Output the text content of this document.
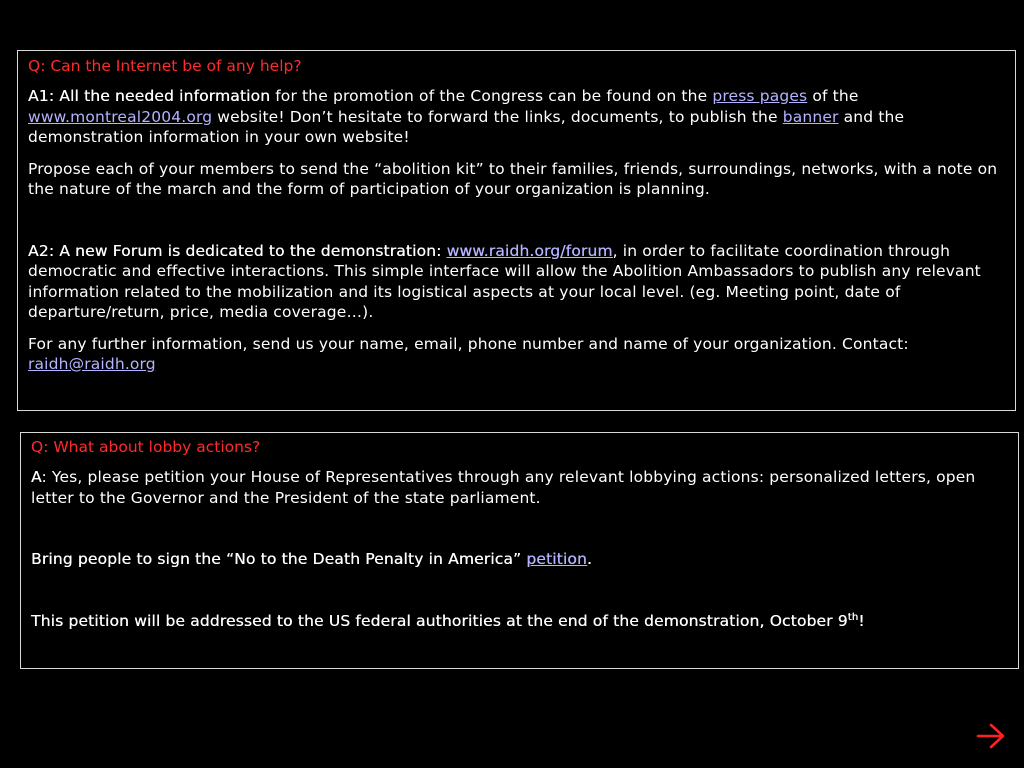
Q: Can the Internet be of any help?

A1: All the needed information for the promotion of the Congress can be found on the press pages of the www.montreal2004.org website! Don’t hesitate to forward the links, documents, to publish the banner and the demonstration information in your own website!

Propose each of your members to send the “abolition kit” to their families, friends, surroundings, networks, with a note on the nature of the march and the form of participation of your organization is planning.

A2: A new Forum is dedicated to the demonstration: www.raidh.org/forum, in order to facilitate coordination through democratic and effective interactions. This simple interface will allow the Abolition Ambassadors to publish any relevant information related to the mobilization and its logistical aspects at your local level. (eg. Meeting point, date of departure/return, price, media coverage…).

For any further information, send us your name, email, phone number and name of your organization. Contact: raidh@raidh.org

Q: What about lobby actions?

A: Yes, please petition your House of Representatives through any relevant lobbying actions: personalized letters, open letter to the Governor and the President of the state parliament.

Bring people to sign the “No to the Death Penalty in America” petition.

This petition will be addressed to the US federal authorities at the end of the demonstration, October 9th!
